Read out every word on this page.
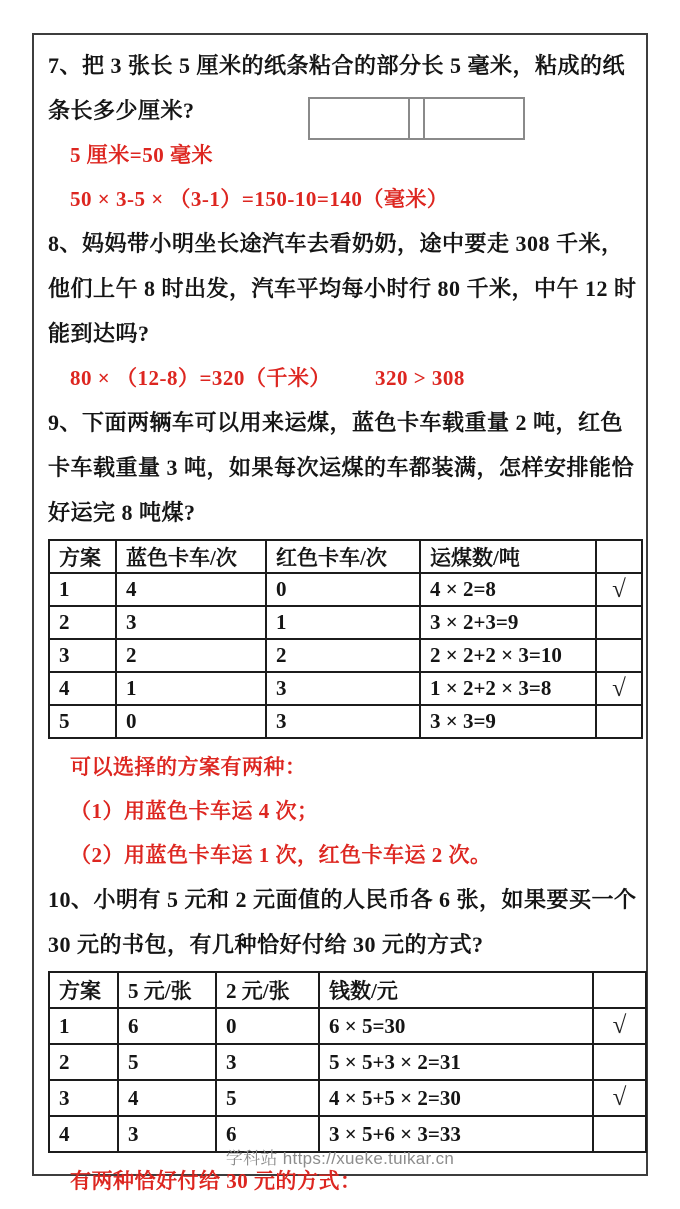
7、把 3 张长 5 厘米的纸条粘合的部分长 5 毫米，粘成的纸条长多少厘米?
5 厘米=50 毫米
50 × 3-5 × （3-1）=150-10=140（毫米）
8、妈妈带小明坐长途汽车去看奶奶，途中要走 308 千米，他们上午 8 时出发，汽车平均每小时行 80 千米，中午 12 时能到达吗?
80 × （12-8）=320（千米） 320 > 308
9、下面两辆车可以用来运煤，蓝色卡车载重量 2 吨，红色卡车载重量 3 吨，如果每次运煤的车都装满，怎样安排能恰好运完 8 吨煤?
方案	蓝色卡车/次	红色卡车/次	运煤数/吨	
1	4	0	4 × 2=8	√
2	3	1	3 × 2+3=9	
3	2	2	2 × 2+2 × 3=10	
4	1	3	1 × 2+2 × 3=8	√
5	0	3	3 × 3=9	
可以选择的方案有两种：
（1）用蓝色卡车运 4 次；
（2）用蓝色卡车运 1 次，红色卡车运 2 次。
10、小明有 5 元和 2 元面值的人民币各 6 张，如果要买一个 30 元的书包，有几种恰好付给 30 元的方式?
方案	5 元/张	2 元/张	钱数/元	
1	6	0	6 × 5=30	√
2	5	3	5 × 5+3 × 2=31	
3	4	5	4 × 5+5 × 2=30	√
4	3	6	3 × 5+6 × 3=33	
有两种恰好付给 30 元的方式：
学科站 https://xueke.tuikar.cn
